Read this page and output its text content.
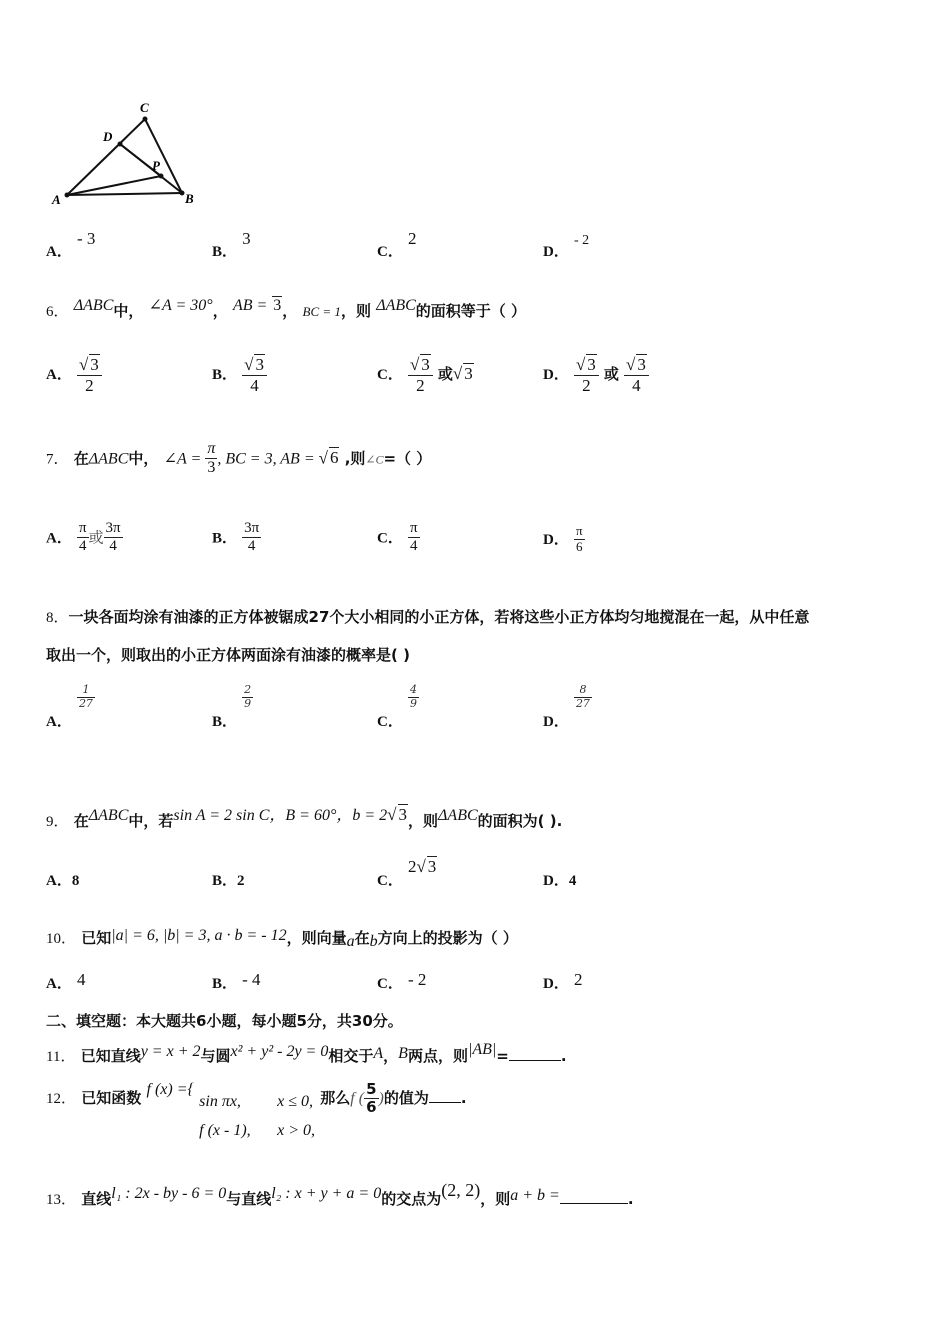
A	B
C
D
P
A． - 3
B． 3
C． 2
D． - 2
6． ΔABC中， ∠A = 30°， AB = 3， BC = 1，则 ΔABC的面积等于（ ）
A． $\frac{√ 3}{2}$	B． $\frac{√ 3}{4}$	C． $\frac{√ 3}{2}$ 或√ 3	D． $\frac{√ 3}{2}$ 或 $\frac{√ 3}{4}$
7． 在ΔABC中， ∠A = $\frac{\pi}{3}$ , BC = 3, AB = √ 6 ,则∠C=（ ）
A． $\frac{\pi}{4}$ 或 $\frac{3\pi}{4}$	B． $\frac{3\pi}{4}$	C． $\frac{\pi}{4}$	D． $\frac{\pi}{6}$
8．一块各面均涂有油漆的正方体被锯成27个大小相同的小正方体，若将这些小正方体均匀地搅混在一起，从中任意
取出一个，则取出的小正方体两面涂有油漆的概率是( )
A．
$\frac{1}{27}$
B．
$\frac{2}{9}$
C．
$\frac{4}{9}$
D．
$\frac{8}{27}$
9． 在ΔABC中，若sin A = 2 sin C，B = 60°，b = 2√ 3，则ΔABC的面积为( ).
A．8	B．2	C． 2√ 3
D．4
10． 已知|a| = 6, |b| = 3, a · b = - 12，则向量a在b方向上的投影为（ ）
A． 4	B． - 4	C． - 2	D． 2
二、填空题：本大题共6小题，每小题5分，共30分。
11． 已知直线y = x + 2与圆x² + y² - 2y = 0相交于A，B两点，则|AB|=	.
12． 已知函数 f (x) ={ sin πx, x ≤ 0,
f (x - 1), x > 0, 那么f ( $\frac{5}{6}$ )的值为 .
13． 直线l₁ : 2x - by - 6 = 0与直线l₂ : x + y + a = 0的交点为(2, 2)，则a + b =	.
